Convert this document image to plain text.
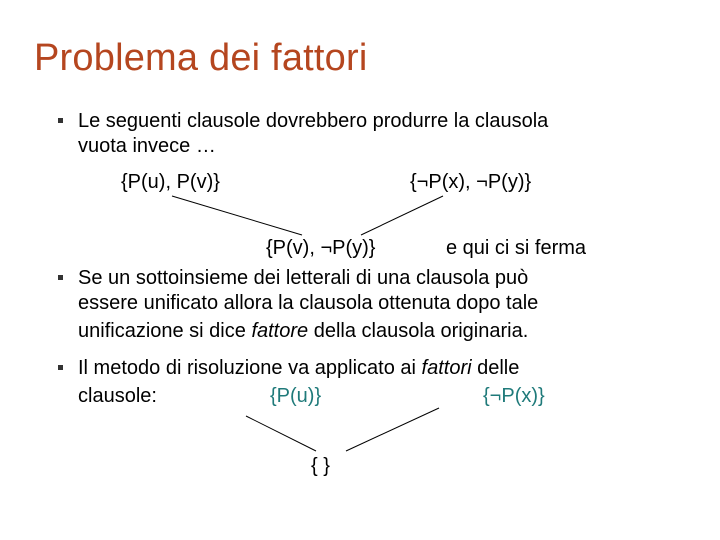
Problema dei fattori
Le seguenti clausole dovrebbero produrre la clausola
vuota invece …
{P(u), P(v)}	{¬P(x), ¬P(y)}
{P(v), ¬P(y)}	e qui ci si ferma
Se un sottoinsieme dei letterali di una clausola può
essere unificato allora la clausola ottenuta dopo tale
unificazione si dice fattore della clausola originaria.
Il metodo di risoluzione va applicato ai fattori delle
clausole:	{P(u)}	{¬P(x)}
{ }
